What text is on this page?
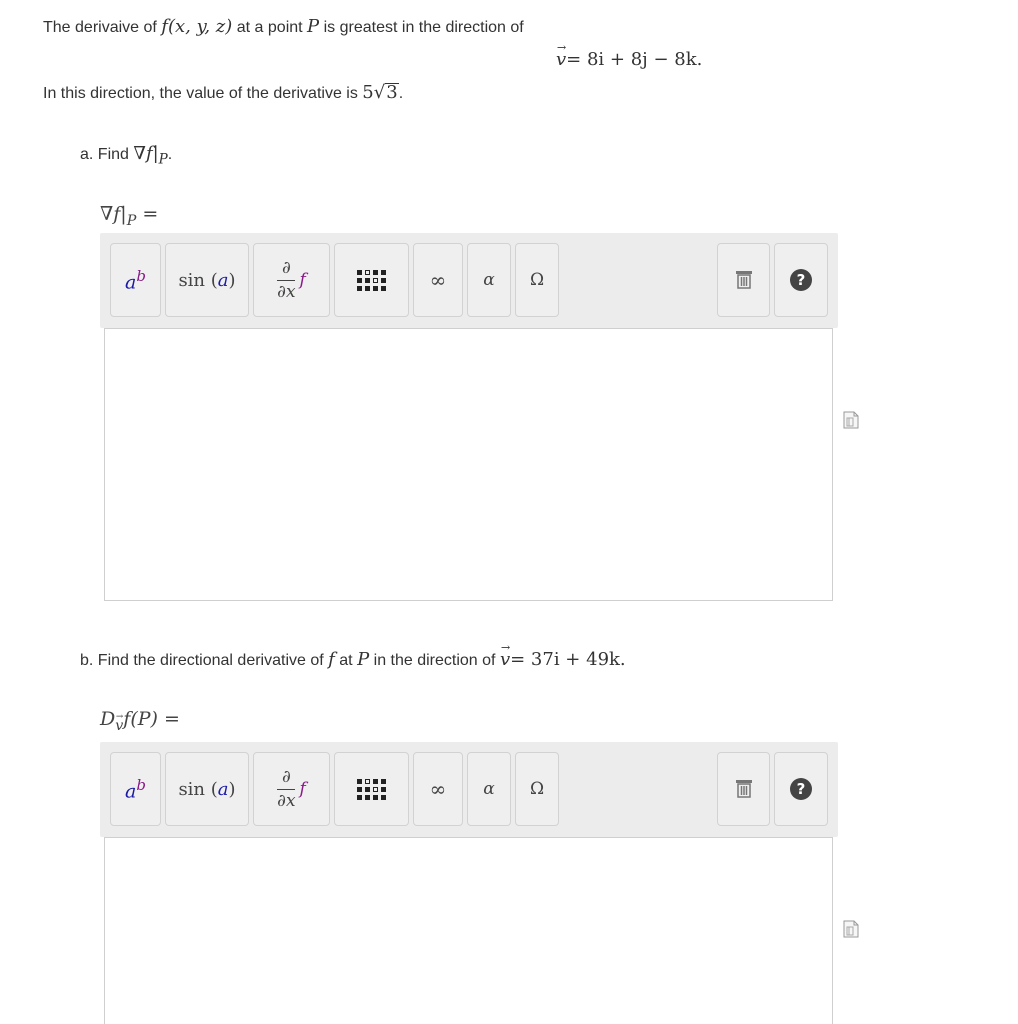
The derivaive of f(x, y, z) at a point P is greatest in the direction of
→ v= 8i + 8j − 8k.
In this direction, the value of the derivative is 5√3.
a. Find $\nabla f|_P$.
$\nabla f|_P$ =
$a^b$ sin ( a )	$\frac{\partial}{\partial x}$ f	∞ α Ω	?
b. Find the directional derivative of f at P in the direction of → v= 37i + 49k.
D→ $_v$f(P) =
$a^b$ sin ( a )	$\frac{\partial}{\partial x}$ f	∞ α Ω	?
